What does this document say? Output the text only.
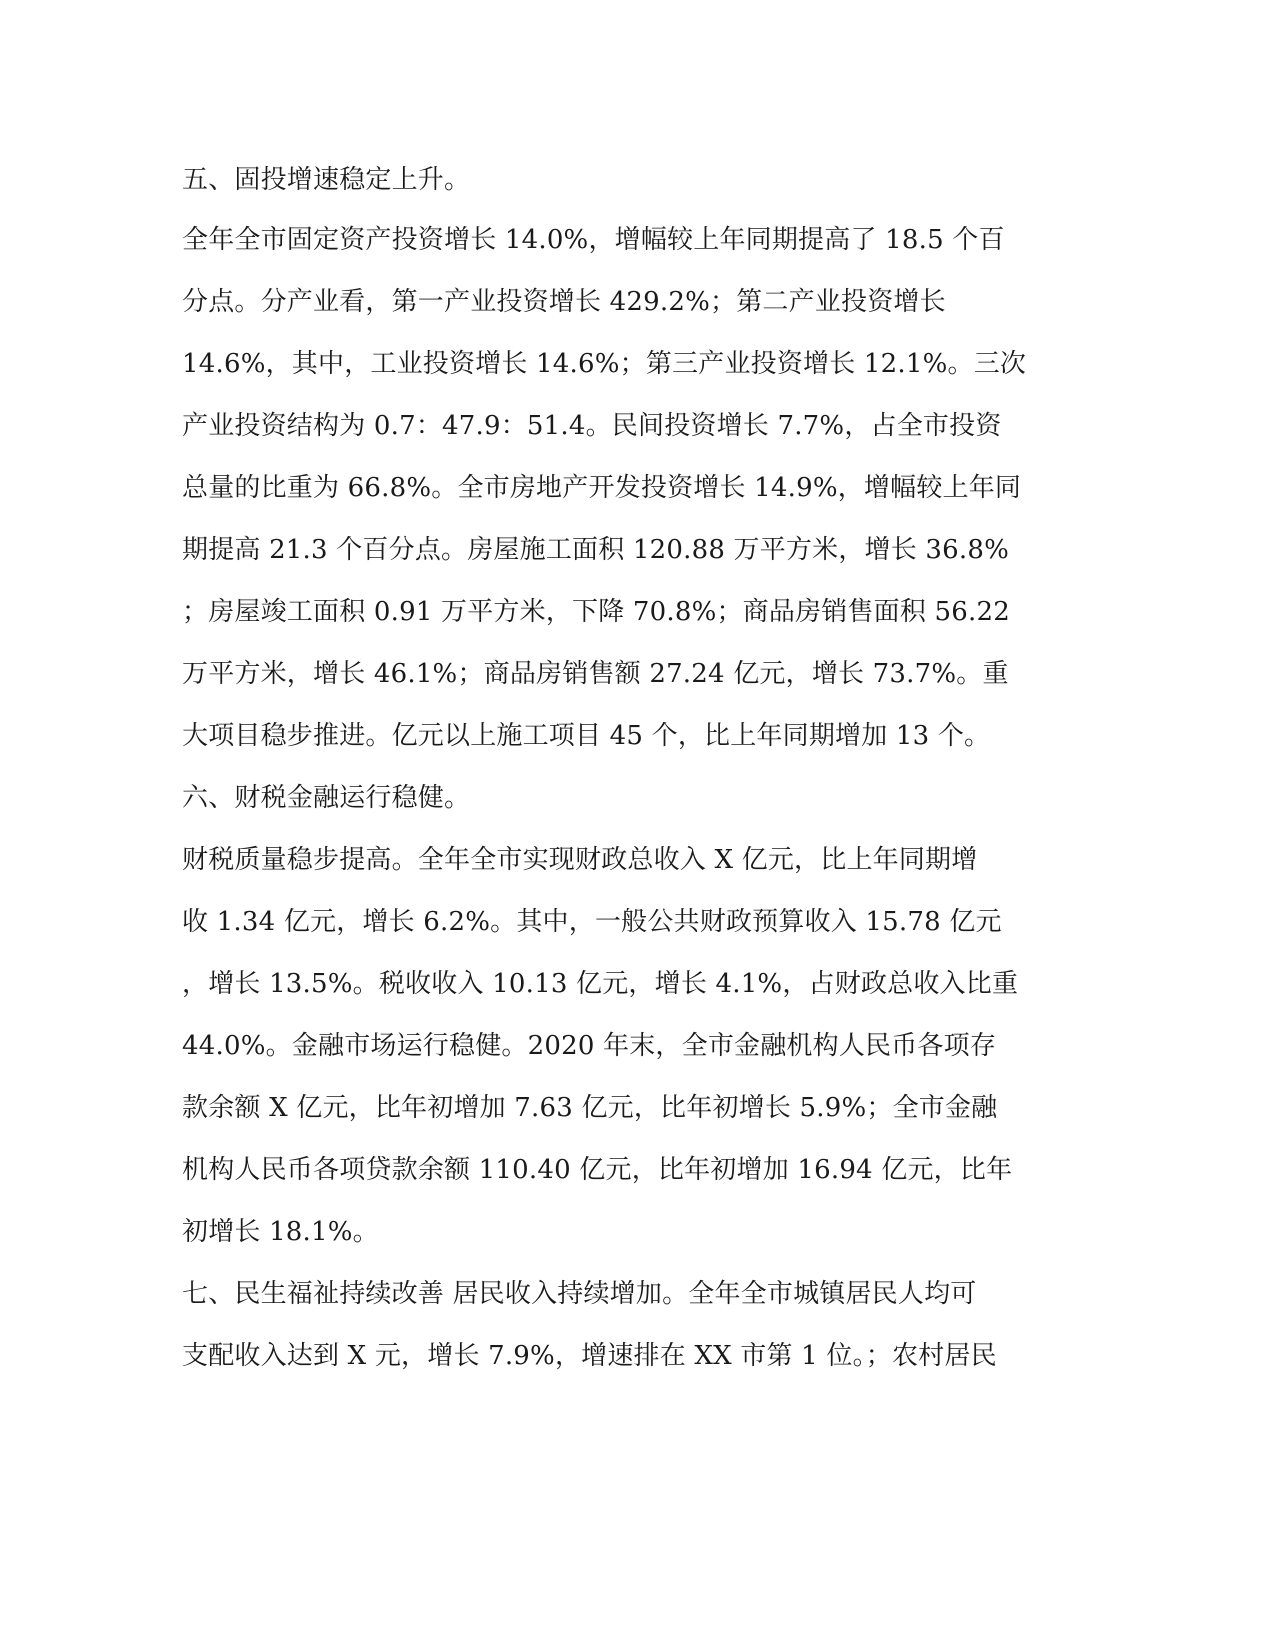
五、固投增速稳定上升。

全年全市固定资产投资增长 14.0%，增幅较上年同期提高了 18.5 个百

分点。分产业看，第一产业投资增长 429.2%；第二产业投资增长

14.6%，其中，工业投资增长 14.6%；第三产业投资增长 12.1%。三次

产业投资结构为 0.7：47.9：51.4。民间投资增长 7.7%，占全市投资

总量的比重为 66.8%。全市房地产开发投资增长 14.9%，增幅较上年同

期提高 21.3 个百分点。房屋施工面积 120.88 万平方米，增长 36.8%

；房屋竣工面积 0.91 万平方米，下降 70.8%；商品房销售面积 56.22

万平方米，增长 46.1%；商品房销售额 27.24 亿元，增长 73.7%。重

大项目稳步推进。亿元以上施工项目 45 个，比上年同期增加 13 个。

六、财税金融运行稳健。

财税质量稳步提高。全年全市实现财政总收入 X 亿元，比上年同期增

收 1.34 亿元，增长 6.2%。其中，一般公共财政预算收入 15.78 亿元

，增长 13.5%。税收收入 10.13 亿元，增长 4.1%，占财政总收入比重

44.0%。金融市场运行稳健。2020 年末，全市金融机构人民币各项存

款余额 X 亿元，比年初增加 7.63 亿元，比年初增长 5.9%；全市金融

机构人民币各项贷款余额 110.40 亿元，比年初增加 16.94 亿元，比年

初增长 18.1%。

七、民生福祉持续改善 居民收入持续增加。全年全市城镇居民人均可

支配收入达到 X 元，增长 7.9%，增速排在 XX 市第 1 位。；农村居民
